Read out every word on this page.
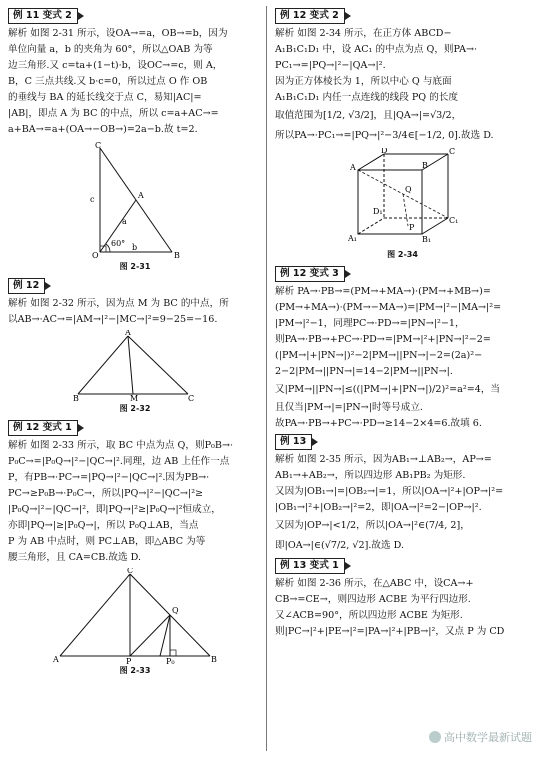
例 11 变式 2

解析 如图 2-31 所示，设OA→=a，OB→=b，因为

单位向量 a，b 的夹角为 60°，所以△OAB 为等

边三角形.又 c=ta+(1−t)·b，设OC→=c，则 A，

B，C 三点共线.又 b·c=0，所以过点 O 作 OB

的垂线与 BA 的延长线交于点 C，易知|AC|=

|AB|，即点 A 为 BC 的中点，所以 c=a+AC→=

a+BA→=a+(OA→−OB→)=2a−b.故 t=2.

C
A
O	B
c
a
b
60°
图 2-31
例 12

解析 如图 2-32 所示，因为点 M 为 BC 的中点，所

以AB→·AC→=|AM→|²−|MC→|²=9−25=−16.

A
B	M	C
图 2-32
例 12 变式 1

解析 如图 2-33 所示，取 BC 中点为点 Q，则P₀B→·

P₀C→=|P₀Q→|²−|QC→|².同理，边 AB 上任作一点

P，有PB→·PC→=|PQ→|²−|QC→|².因为PB→·

PC→≥P₀B→·P₀C→，所以|PQ→|²−|QC→|²≥

|P₀Q→|²−|QC→|²，即|PQ→|²≥|P₀Q→|²恒成立，

亦即|PQ→|≥|P₀Q→|，所以 P₀Q⊥AB，当点

P 为 AB 中点时，则 PC⊥AB，即△ABC 为等

腰三角形，且 CA=CB.故选 D.

C
Q
A	P	P₀	B
图 2-33
例 12 变式 2

解析 如图 2-34 所示，在正方体 ABCD−

A₁B₁C₁D₁ 中，设 AC₁ 的中点为点 Q，则PA→·

PC₁→=|PQ→|²−|QA→|².

因为正方体棱长为 1，所以中心 Q 与底面

A₁B₁C₁D₁ 内任一点连线的线段 PQ 的长度

取值范围为[1/2, √3/2]，且|QA→|=√3/2，

所以PA→·PC₁→=|PQ→|²−3/4∈[−1/2, 0].故选 D.

A
D
B
C
A₁	B₁
C₁
D₁
Q
P
图 2-34
例 12 变式 3

解析 PA→·PB→=(PM→+MA→)·(PM→+MB→)=

(PM→+MA→)·(PM→−MA→)=|PM→|²−|MA→|²=

|PM→|²−1，同理PC→·PD→=|PN→|²−1，

则PA→·PB→+PC→·PD→=|PM→|²+|PN→|²−2=

(|PM→|+|PN→|)²−2|PM→||PN→|−2=(2a)²−

2−2|PM→||PN→|=14−2|PM→||PN→|.

又|PM→||PN→|≤((|PM→|+|PN→|)/2)²=a²=4，当

且仅当|PM→|=|PN→|时等号成立.

故PA→·PB→+PC→·PD→≥14−2×4=6.故填 6.

例 13

解析 如图 2-35 所示，因为AB₁→⊥AB₂→，AP→=

AB₁→+AB₂→，所以四边形 AB₁PB₂ 为矩形.

又因为|OB₁→|=|OB₂→|=1，所以|OA→|²+|OP→|²=

|OB₁→|²+|OB₂→|²=2，即|OA→|²=2−|OP→|².

又因为|OP→|<1/2，所以|OA→|²∈(7/4, 2]，

即|OA→|∈(√7/2, √2].故选 D.

例 13 变式 1

解析 如图 2-36 所示，在△ABC 中，设CA→+

CB→=CE→，则四边形 ACBE 为平行四边形.

又∠ACB=90°，所以四边形 ACBE 为矩形.

则|PC→|²+|PE→|²=|PA→|²+|PB→|²，又点 P 为 CD

高中数学最新试题
